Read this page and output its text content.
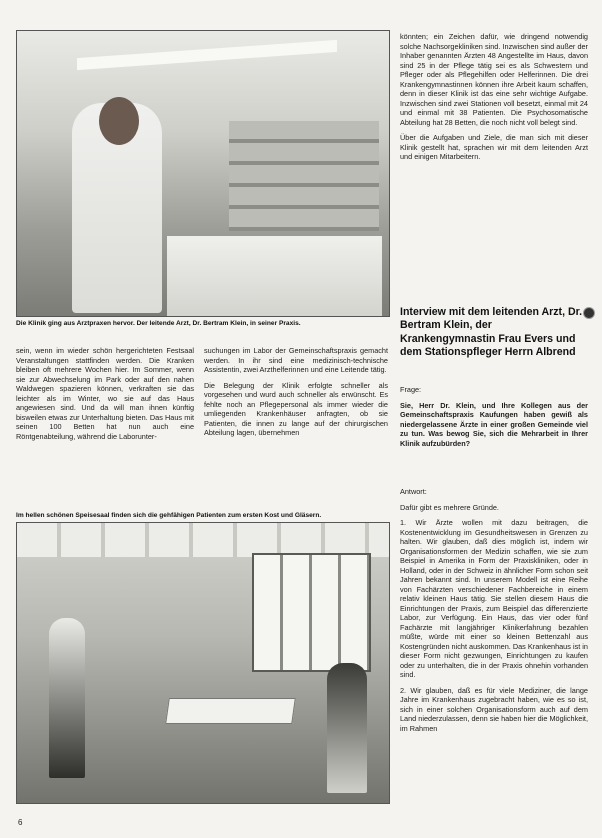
Die Klinik ging aus Arztpraxen hervor. Der leitende Arzt, Dr. Bertram Klein, in seiner Praxis.

sein, wenn im wieder schön hergerichteten Festsaal Veranstaltungen stattfinden werden. Die Kranken bleiben oft mehrere Wochen hier. Im Sommer, wenn sie zur Abwechselung im Park oder auf den nahen Waldwegen spazieren können, verkraften sie das leichter als im Winter, wo sie auf das Haus angewiesen sind. Und da will man ihnen künftig bisweilen etwas zur Unterhaltung bieten. Das Haus mit seinen 100 Betten hat nun auch eine Röntgenabteilung, während die Laborunter-

suchungen im Labor der Gemeinschaftspraxis gemacht werden. In ihr sind eine medizinisch-technische Assistentin, zwei Arzthelferinnen und eine Leitende tätig.

Die Belegung der Klinik erfolgte schneller als vorgesehen und wurd auch schneller als erwünscht. Es fehlte noch an Pflegepersonal als immer wieder die umliegenden Krankenhäuser anfragten, ob sie Patienten, die innen zu lange auf der chirurgischen Abteilung lagen, übernehmen

Im hellen schönen Speisesaal finden sich die gehfähigen Patienten zum ersten Kost und Gläsern.

könnten; ein Zeichen dafür, wie dringend notwendig solche Nachsorgekliniken sind. Inzwischen sind außer der Inhaber genannten Ärzten 48 Angestellte im Haus, davon sind 25 in der Pflege tätig sei es als Schwestern und Pfleger oder als Pflegehilfen oder Helferinnen. Die drei Krankengymnastinnen können ihre Arbeit kaum schaffen, denn in dieser Klinik ist das eine sehr wichtige Aufgabe. Inzwischen sind zwei Stationen voll besetzt, einmal mit 24 und einmal mit 38 Patienten. Die Psychosomatische Abteilung hat 28 Betten, die noch nicht voll belegt sind.

Über die Aufgaben und Ziele, die man sich mit dieser Klinik gestellt hat, sprachen wir mit dem leitenden Arzt und einigen Mitarbeitern.

Interview mit dem leitenden Arzt, Dr. Bertram Klein, der Krankengymnastin Frau Evers und dem Stationspfleger Herrn Albrend

Frage:

Sie, Herr Dr. Klein, und Ihre Kollegen aus der Gemeinschaftspraxis Kaufungen haben gewiß als niedergelassene Ärzte in einer großen Gemeinde viel zu tun. Was bewog Sie, sich die Mehrarbeit in Ihrer Klinik aufzubürden?

Antwort:

Dafür gibt es mehrere Gründe.

1. Wir Ärzte wollen mit dazu beitragen, die Kostenentwicklung im Gesundheitswesen in Grenzen zu halten. Wir glauben, daß dies möglich ist, indem wir Organisationsformen der Medizin schaffen, wie sie zum Beispiel in Amerika in Form der Praxiskliniken, oder in Holland, oder in der Schweiz in ähnlicher Form schon seit Jahren bekannt sind. In unserem Modell ist eine Reihe von Fachärzten verschiedener Fachbereiche in einem relativ kleinen Haus tätig. Sie stellen diesem Haus die Einrichtungen der Praxis, zum Beispiel das differenzierte Labor, zur Verfügung. Ein Haus, das vier oder fünf Fachärzte mit langjähriger Klinikerfahrung bezahlen müßte, würde mit einer so kleinen Bettenzahl aus Kostengründen nicht auskommen. Das Krankenhaus ist in dieser Form nicht gezwungen, Einrichtungen zu kaufen oder zu unterhalten, die in der Praxis ohnehin vorhanden sind.

2. Wir glauben, daß es für viele Mediziner, die lange Jahre im Krankenhaus zugebracht haben, wie es so ist, sich in einer solchen Organisationsform auch auf dem Land niederzulassen, denn sie haben hier die Möglichkeit, im Rahmen

6
